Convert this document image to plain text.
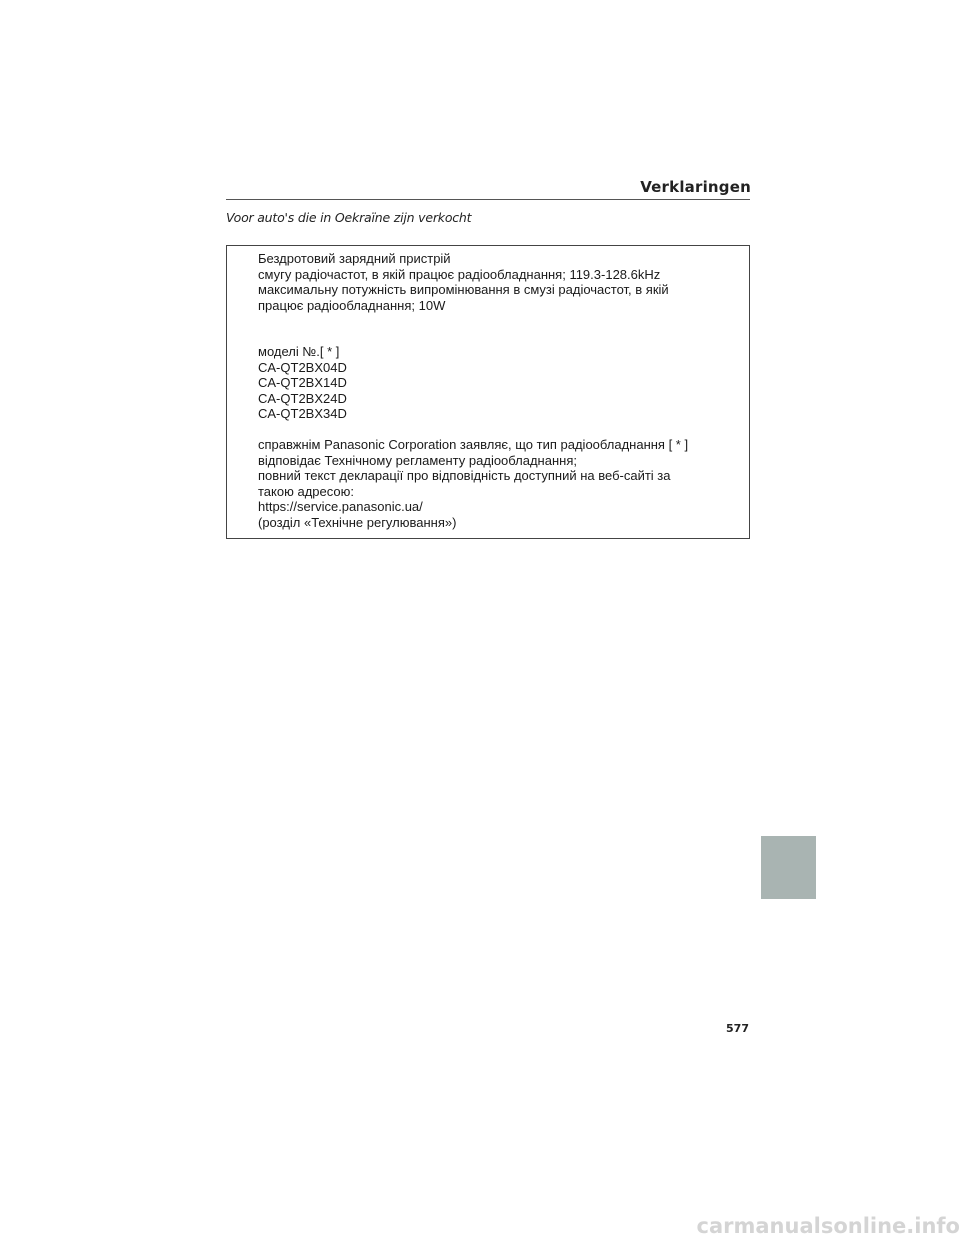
Verklaringen
Voor auto's die in Oekraïne zijn verkocht
Бездротовий зарядний пристрій
смугу радіочастот, в якій працює радіообладнання; 119.3-128.6kHz
максимальну потужність випромінювання в смузі радіочастот, в якій
працює радіообладнання; 10W
моделі №.[ * ]
CA-QT2BX04D
CA-QT2BX14D
CA-QT2BX24D
CA-QT2BX34D
справжнім Panasonic Corporation заявляє, що тип радіообладнання [ * ]
відповідає Технічному регламенту радіообладнання;
повний текст декларації про відповідність доступний на веб-сайті за
такою адресою:
https://service.panasonic.ua/
(розділ «Технічне регулювання»)
577
carmanualsonline.info
